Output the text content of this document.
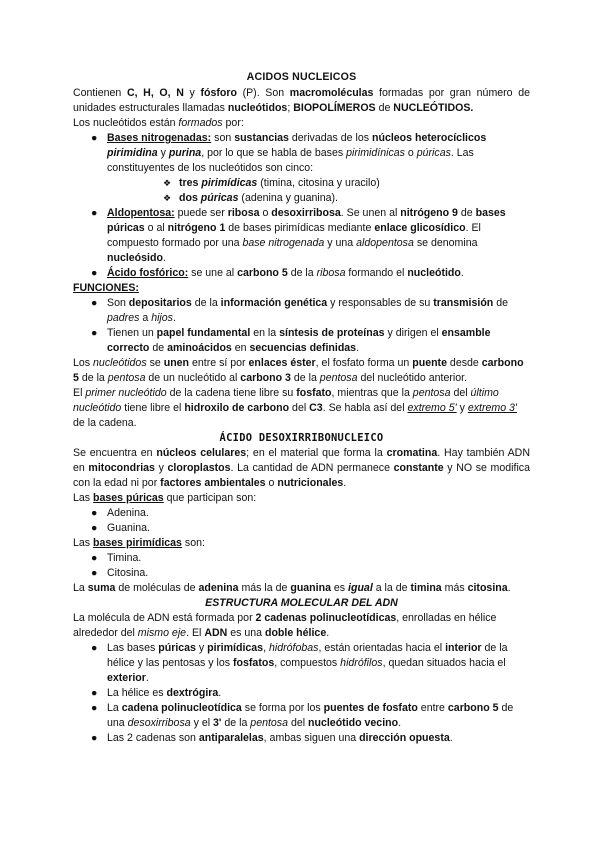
ACIDOS NUCLEICOS

Contienen C, H, O, N y fósforo (P). Son macromoléculas formadas por gran número de unidades estructurales llamadas nucleótidos; BIOPOLÍMEROS de NUCLEÓTIDOS.

Los nucleótidos están formados por:

● Bases nitrogenadas: son sustancias derivadas de los núcleos heterocíclicos pirimidina y purina, por lo que se habla de bases pirimidínicas o púricas. Las constituyentes de los nucleótidos son cinco:
❖ tres pirimídicas (timina, citosina y uracilo)
❖ dos púricas (adenina y guanina).
● Aldopentosa: puede ser ribosa o desoxirribosa. Se unen al nitrógeno 9 de bases púricas o al nitrógeno 1 de bases pirimídicas mediante enlace glicosídico. El compuesto formado por una base nitrogenada y una aldopentosa se denomina nucleósido.
● Ácido fosfórico: se une al carbono 5 de la ribosa formando el nucleótido.

FUNCIONES:

● Son depositarios de la información genética y responsables de su transmisión de padres a hijos.
● Tienen un papel fundamental en la síntesis de proteínas y dirigen el ensamble correcto de aminoácidos en secuencias definidas.

Los nucleótidos se unen entre sí por enlaces éster, el fosfato forma un puente desde carbono 5 de la pentosa de un nucleótido al carbono 3 de la pentosa del nucleótido anterior.

El primer nucleótido de la cadena tiene libre su fosfato, mientras que la pentosa del último nucleótido tiene libre el hidroxilo de carbono del C3. Se habla así del extremo 5' y extremo 3' de la cadena.

ÁCIDO DESOXIRRIBONUCLEICO

Se encuentra en núcleos celulares; en el material que forma la cromatina. Hay también ADN en mitocondrias y cloroplastos. La cantidad de ADN permanece constante y NO se modifica con la edad ni por factores ambientales o nutricionales.

Las bases púricas que participan son:

● Adenina.
● Guanina.

Las bases pirimídicas son:

● Timina.
● Citosina.

La suma de moléculas de adenina más la de guanina es igual a la de timina más citosina.

ESTRUCTURA MOLECULAR DEL ADN

La molécula de ADN está formada por 2 cadenas polinucleotídicas, enrolladas en hélice alrededor del mismo eje. El ADN es una doble hélice.

● Las bases púricas y pirimídicas, hidrófobas, están orientadas hacia el interior de la hélice y las pentosas y los fosfatos, compuestos hidrófilos, quedan situados hacia el exterior.
● La hélice es dextrógira.
● La cadena polinucleotídica se forma por los puentes de fosfato entre carbono 5 de una desoxirribosa y el 3' de la pentosa del nucleótido vecino.
● Las 2 cadenas son antiparalelas, ambas siguen una dirección opuesta.
